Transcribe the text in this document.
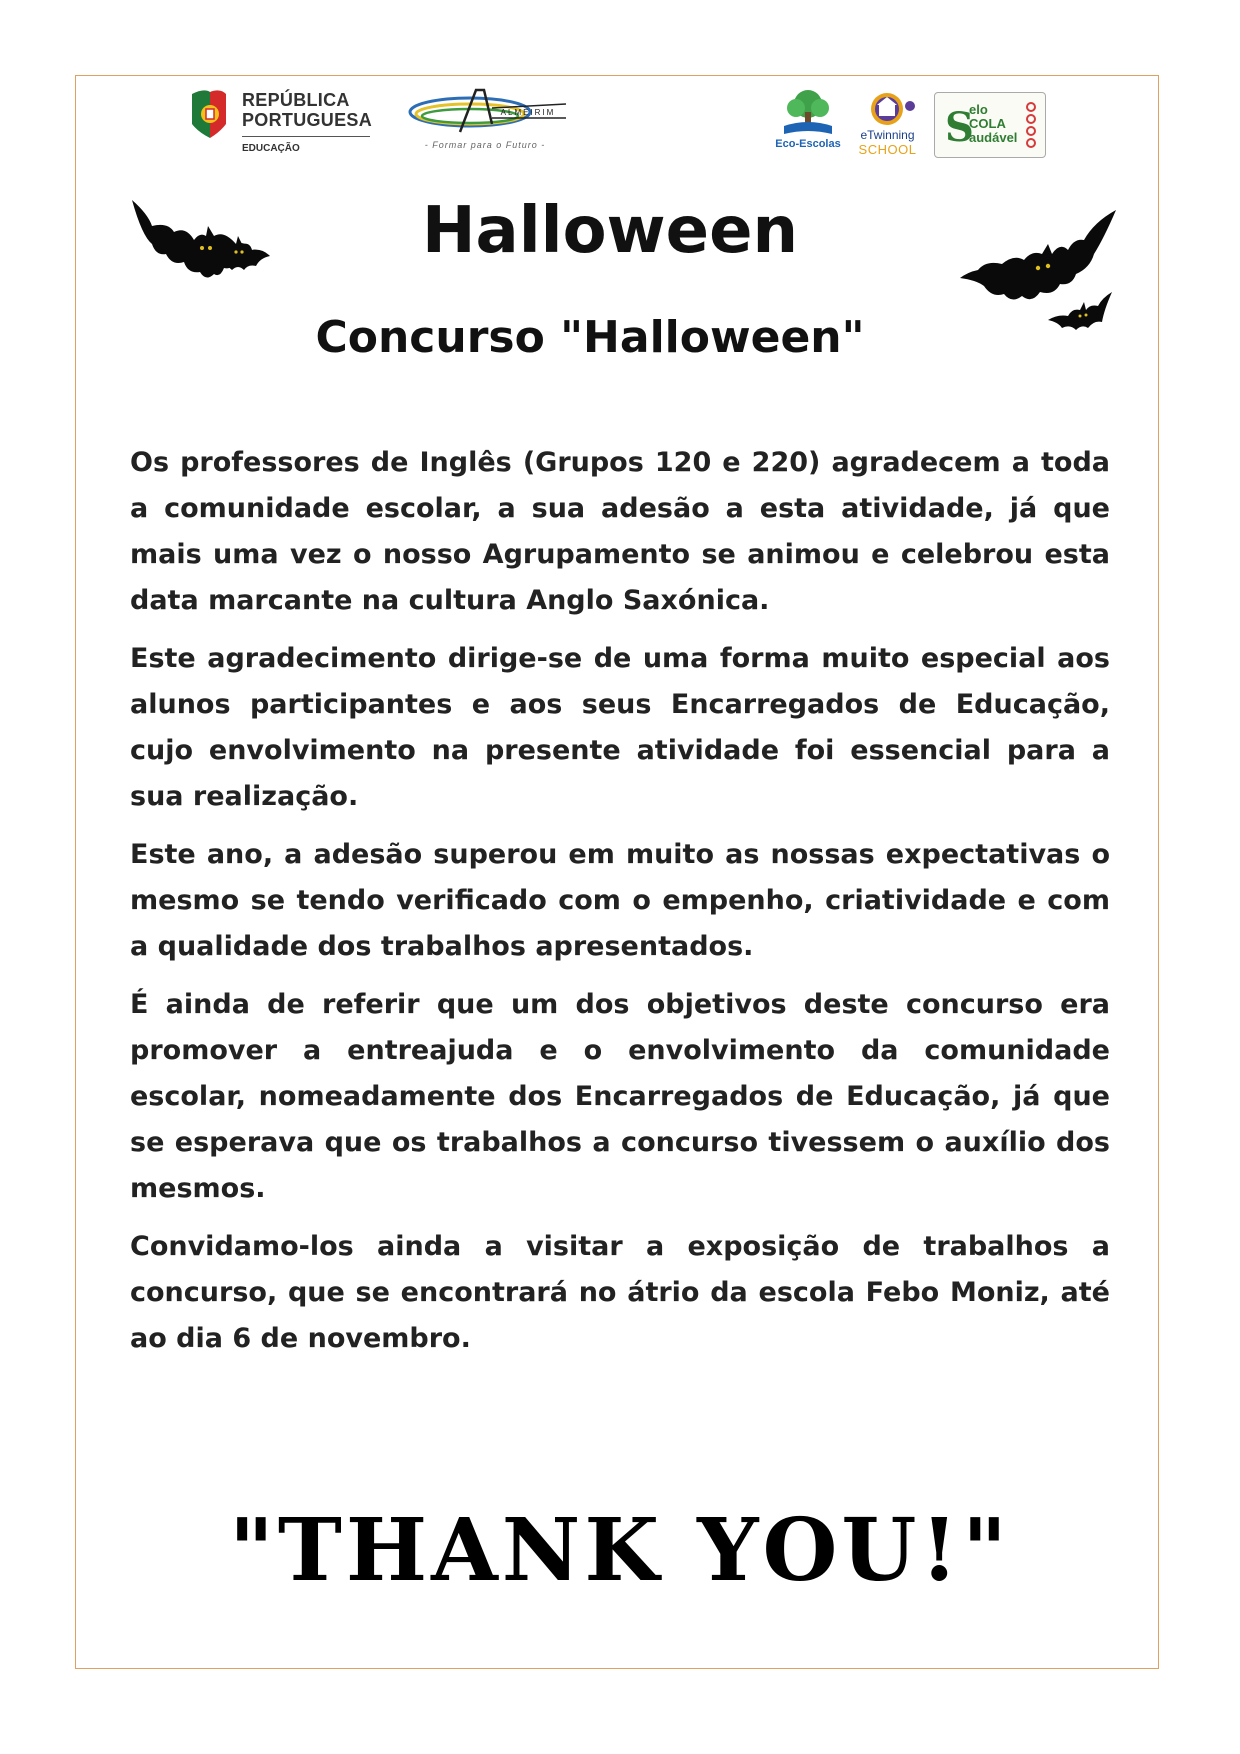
REPÚBLICA
PORTUGUESA
EDUCAÇÃO
ALMEIRIM
- Formar para o Futuro -	Eco-Escolas
eTwinning
SCHOOL S
elo
COLA
audável
Halloween
Concurso "Halloween"

Os professores de Inglês (Grupos 120 e 220) agradecem a toda a comunidade escolar, a sua adesão a esta atividade, já que mais uma vez o nosso Agrupamento se animou e celebrou esta data marcante na cultura Anglo Saxónica.

Este agradecimento dirige-se de uma forma muito especial aos alunos participantes e aos seus Encarregados de Educação, cujo envolvimento na presente atividade foi essencial para a sua realização.

Este ano, a adesão superou em muito as nossas expectativas o mesmo se tendo verificado com o empenho, criatividade e com a qualidade dos trabalhos apresentados.

É ainda de referir que um dos objetivos deste concurso era promover a entreajuda e o envolvimento da comunidade escolar, nomeadamente dos Encarregados de Educação, já que se esperava que os trabalhos a concurso tivessem o auxílio dos mesmos.

Convidamo-los ainda a visitar a exposição de trabalhos a concurso, que se encontrará no átrio da escola Febo Moniz, até ao dia 6 de novembro.

"THANK YOU!"
